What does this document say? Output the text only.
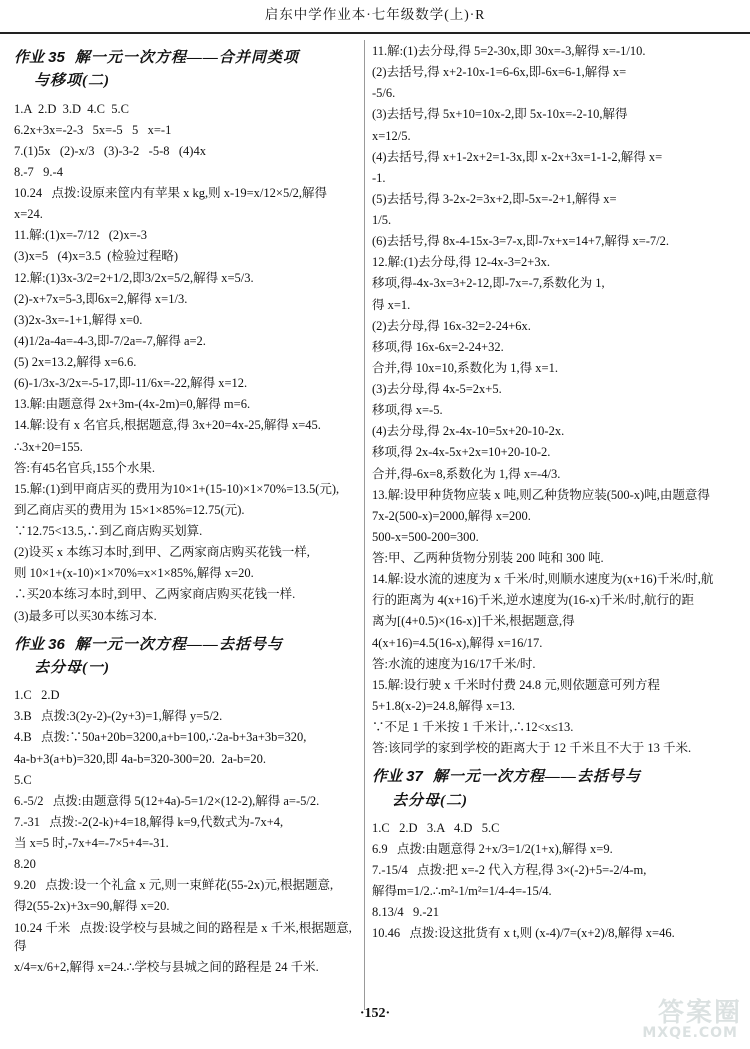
启东中学作业本·七年级数学(上)·R
作业 35 解一元一次方程——合并同类项
与移项(二)
1.A  2.D  3.D  4.C  5.C
6.2x+3x=-2-3   5x=-5   5   x=-1
7.(1)5x   (2)-x/3   (3)-3-2   -5-8   (4)4x
8.-7   9.-4
10.24   点拨:设原来筐内有苹果 x kg,则 x-19=x/12×5/2,解得
x=24.
11.解:(1)x=-7/12   (2)x=-3
(3)x=5   (4)x=3.5  (检验过程略)
12.解:(1)3x-3/2=2+1/2,即3/2x=5/2,解得 x=5/3.
(2)-x+7x=5-3,即6x=2,解得 x=1/3.
(3)2x-3x=-1+1,解得 x=0.
(4)1/2a-4a=-4-3,即-7/2a=-7,解得 a=2.
(5) 2x=13.2,解得 x=6.6.
(6)-1/3x-3/2x=-5-17,即-11/6x=-22,解得 x=12.
13.解:由题意得 2x+3m-(4x-2m)=0,解得 m=6.
14.解:设有 x 名官兵,根据题意,得 3x+20=4x-25,解得 x=45.
∴3x+20=155.
答:有45名官兵,155个水果.
15.解:(1)到甲商店买的费用为10×1+(15-10)×1×70%=13.5(元),
到乙商店买的费用为 15×1×85%=12.75(元).
∵12.75<13.5,∴到乙商店购买划算.
(2)设买 x 本练习本时,到甲、乙两家商店购买花钱一样,
则 10×1+(x-10)×1×70%=x×1×85%,解得 x=20.
∴买20本练习本时,到甲、乙两家商店购买花钱一样.
(3)最多可以买30本练习本.
作业 36 解一元一次方程——去括号与
去分母(一)
1.C   2.D
3.B   点拨:3(2y-2)-(2y+3)=1,解得 y=5/2.
4.B   点拨:∵50a+20b=3200,a+b=100,∴2a-b+3a+3b=320,
4a-b+3(a+b)=320,即 4a-b=320-300=20.  2a-b=20.
5.C
6.-5/2   点拨:由题意得 5(12+4a)-5=1/2×(12-2),解得 a=-5/2.
7.-31   点拨:-2(2-k)+4=18,解得 k=9,代数式为-7x+4,
当 x=5 时,-7x+4=-7×5+4=-31.
8.20
9.20   点拨:设一个礼盒 x 元,则一束鲜花(55-2x)元,根据题意,
得2(55-2x)+3x=90,解得 x=20.
10.24 千米   点拨:设学校与县城之间的路程是 x 千米,根据题意,得
x/4=x/6+2,解得 x=24.∴学校与县城之间的路程是 24 千米.
11.解:(1)去分母,得 5=2-30x,即 30x=-3,解得 x=-1/10.
(2)去括号,得 x+2-10x-1=6-6x,即-6x=6-1,解得 x=
-5/6.
(3)去括号,得 5x+10=10x-2,即 5x-10x=-2-10,解得
x=12/5.
(4)去括号,得 x+1-2x+2=1-3x,即 x-2x+3x=1-1-2,解得 x=
-1.
(5)去括号,得 3-2x-2=3x+2,即-5x=-2+1,解得 x=
1/5.
(6)去括号,得 8x-4-15x-3=7-x,即-7x+x=14+7,解得 x=-7/2.
12.解:(1)去分母,得 12-4x-3=2+3x.
移项,得-4x-3x=3+2-12,即-7x=-7,系数化为 1,
得 x=1.
(2)去分母,得 16x-32=2-24+6x.
移项,得 16x-6x=2-24+32.
合并,得 10x=10,系数化为 1,得 x=1.
(3)去分母,得 4x-5=2x+5.
移项,得 x=-5.
(4)去分母,得 2x-4x-10=5x+20-10-2x.
移项,得 2x-4x-5x+2x=10+20-10-2.
合并,得-6x=8,系数化为 1,得 x=-4/3.
13.解:设甲种货物应装 x 吨,则乙种货物应装(500-x)吨,由题意得
7x-2(500-x)=2000,解得 x=200.
500-x=500-200=300.
答:甲、乙两种货物分别装 200 吨和 300 吨.
14.解:设水流的速度为 x 千米/时,则顺水速度为(x+16)千米/时,航
行的距离为 4(x+16)千米,逆水速度为(16-x)千米/时,航行的距
离为[(4+0.5)×(16-x)]千米,根据题意,得
4(x+16)=4.5(16-x),解得 x=16/17.
答:水流的速度为16/17千米/时.
15.解:设行驶 x 千米时付费 24.8 元,则依题意可列方程
5+1.8(x-2)=24.8,解得 x=13.
∵不足 1 千米按 1 千米计,∴12<x≤13.
答:该同学的家到学校的距离大于 12 千米且不大于 13 千米.
作业 37 解一元一次方程——去括号与
去分母(二)
1.C   2.D   3.A   4.D   5.C
6.9   点拨:由题意得 2+x/3=1/2(1+x),解得 x=9.
7.-15/4   点拨:把 x=-2 代入方程,得 3×(-2)+5=-2/4-m,
解得m=1/2.∴m²-1/m²=1/4-4=-15/4.
8.13/4   9.-21
10.46   点拨:设这批货有 x t,则 (x-4)/7=(x+2)/8,解得 x=46.
·152·	答案圈
MXQE.COM
